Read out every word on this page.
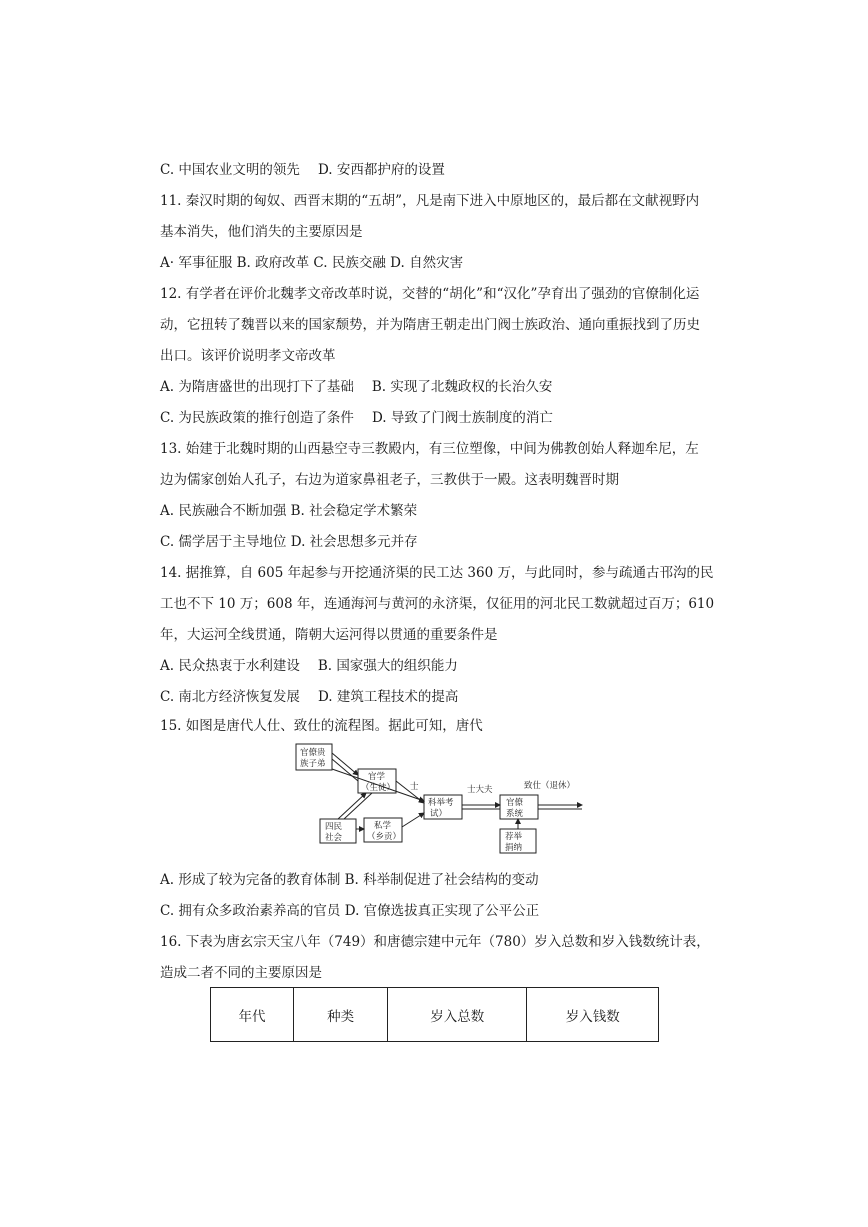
C. 中国农业文明的领先 D. 安西都护府的设置
11. 秦汉时期的匈奴、西晋末期的“五胡”，凡是南下进入中原地区的，最后都在文献视野内
基本消失，他们消失的主要原因是
A· 军事征服 B. 政府改革 C. 民族交融 D. 自然灾害
12. 有学者在评价北魏孝文帝改革时说，交替的“胡化”和“汉化”孕育出了强劲的官僚制化运
动，它扭转了魏晋以来的国家颓势，并为隋唐王朝走出门阀士族政治、通向重振找到了历史
出口。该评价说明孝文帝改革
A. 为隋唐盛世的出现打下了基础 B. 实现了北魏政权的长治久安
C. 为民族政策的推行创造了条件 D. 导致了门阀士族制度的消亡
13. 始建于北魏时期的山西悬空寺三教殿内，有三位塑像，中间为佛教创始人释迦牟尼，左
边为儒家创始人孔子，右边为道家鼻祖老子，三教供于一殿。这表明魏晋时期
A. 民族融合不断加强 B. 社会稳定学术繁荣
C. 儒学居于主导地位 D. 社会思想多元并存
14. 据推算，自 605 年起参与开挖通济渠的民工达 360 万，与此同时，参与疏通古邗沟的民
工也不下 10 万；608 年，连通海河与黄河的永济渠，仅征用的河北民工数就超过百万；610
年，大运河全线贯通，隋朝大运河得以贯通的重要条件是
A. 民众热衷于水利建设 B. 国家强大的组织能力
C. 南北方经济恢复发展 D. 建筑工程技术的提高
15. 如图是唐代人仕、致仕的流程图。据此可知，唐代
官僚贵
族子弟
官学
（生徒）
四民
社会
私学
（乡贡）
科举考
试）
官僚
系统
荐举
捐纳
士	士大夫	致仕（退休）
A. 形成了较为完备的教育体制 B. 科举制促进了社会结构的变动
C. 拥有众多政治素养高的官员 D. 官僚选拔真正实现了公平公正
16. 下表为唐玄宗天宝八年（749）和唐德宗建中元年（780）岁入总数和岁入钱数统计表，
造成二者不同的主要原因是
年代	种类	岁入总数	岁入钱数
